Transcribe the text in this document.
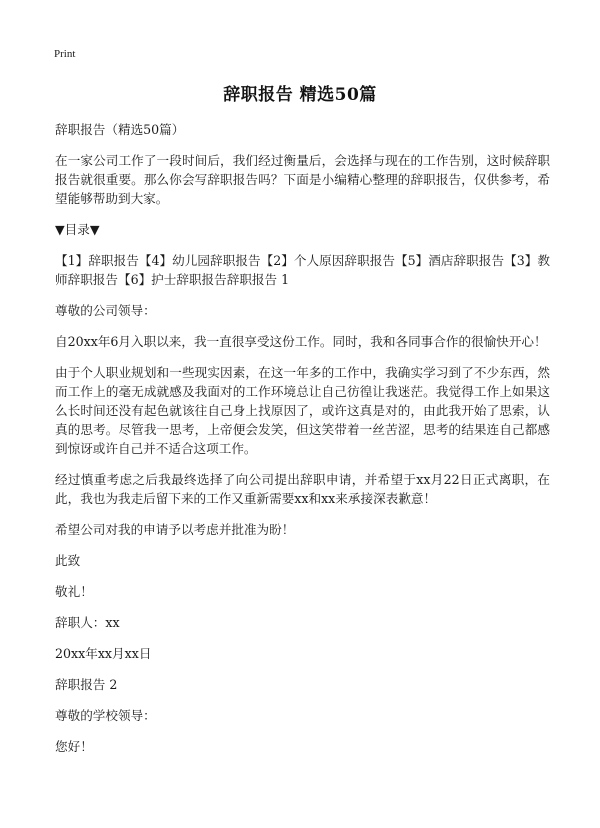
Print
辞职报告 精选50篇

辞职报告（精选50篇）

在一家公司工作了一段时间后，我们经过衡量后，会选择与现在的工作告别，这时候辞职报告就很重要。那么你会写辞职报告吗？下面是小编精心整理的辞职报告，仅供参考，希望能够帮助到大家。

▼目录▼

【1】辞职报告【4】幼儿园辞职报告【2】个人原因辞职报告【5】酒店辞职报告【3】教师辞职报告【6】护士辞职报告辞职报告 1

尊敬的公司领导：

自20xx年6月入职以来，我一直很享受这份工作。同时，我和各同事合作的很愉快开心！

由于个人职业规划和一些现实因素，在这一年多的工作中，我确实学习到了不少东西，然而工作上的毫无成就感及我面对的工作环境总让自己彷徨让我迷茫。我觉得工作上如果这么长时间还没有起色就该往自己身上找原因了，或许这真是对的，由此我开始了思索，认真的思考。尽管我一思考，上帝便会发笑，但这笑带着一丝苦涩，思考的结果连自己都感到惊讶或许自己并不适合这项工作。

经过慎重考虑之后我最终选择了向公司提出辞职申请，并希望于xx月22日正式离职，在此，我也为我走后留下来的工作又重新需要xx和xx来承接深表歉意！

希望公司对我的申请予以考虑并批准为盼！

此致

敬礼！

辞职人：xx

20xx年xx月xx日

辞职报告 2

尊敬的学校领导：

您好！
